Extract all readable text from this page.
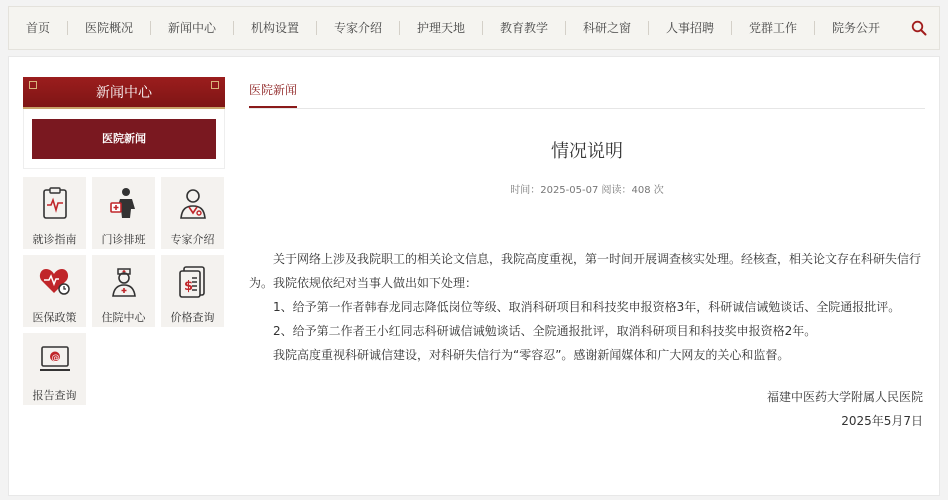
首页	医院概况	新闻中心	机构设置	专家介绍	护理天地	教育教学	科研之窗	人事招聘	党群工作	院务公开
新闻中心
医院新闻
就诊指南 门诊排班 专家介绍
医保政策 住院中心
$
价格查询
@
报告查询
医院新闻
情况说明
时间：2025-05-07 阅读：408 次

关于网络上涉及我院职工的相关论文信息，我院高度重视，第一时间开展调查核实处理。经核查，相关论文存在科研失信行为。我院依规依纪对当事人做出如下处理：

1、给予第一作者韩春龙同志降低岗位等级、取消科研项目和科技奖申报资格3年，科研诚信诫勉谈话、全院通报批评。

2、给予第二作者王小红同志科研诚信诫勉谈话、全院通报批评，取消科研项目和科技奖申报资格2年。

我院高度重视科研诚信建设，对科研失信行为“零容忍”。感谢新闻媒体和广大网友的关心和监督。

福建中医药大学附属人民医院
2025年5月7日
